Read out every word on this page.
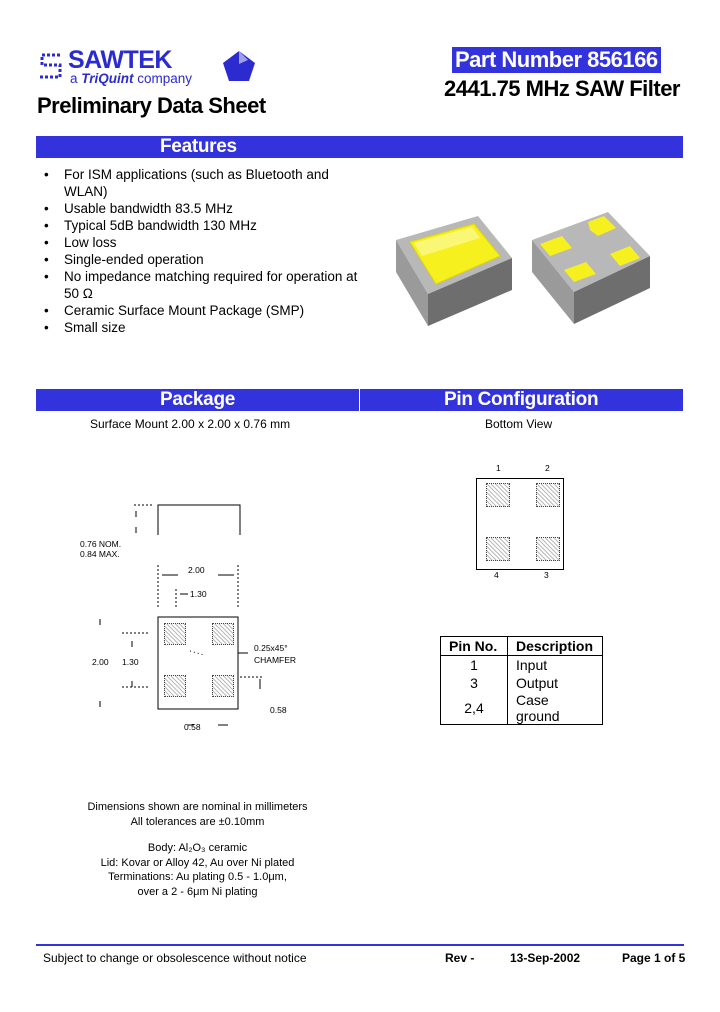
SAWTEK
a TriQuint company
Part Number 856166
2441.75 MHz SAW Filter
Preliminary Data Sheet
Features
• For ISM applications (such as Bluetooth and WLAN)
• Usable bandwidth 83.5 MHz
• Typical 5dB bandwidth 130 MHz
• Low loss
• Single-ended operation
• No impedance matching required for operation at 50 Ω
• Ceramic Surface Mount Package (SMP)
• Small size
Package	Pin Configuration
Surface Mount 2.00 x 2.00 x 0.76 mm	Bottom View
0.76 NOM.
0.84 MAX.
2.00
1.30
2.00 1.30
0.25x45°
CHAMFER
0.58
0.58
Dimensions shown are nominal in millimeters
All tolerances are ±0.10mm
Body: Al₂O₃ ceramic
Lid: Kovar or Alloy 42, Au over Ni plated
Terminations: Au plating 0.5 - 1.0μm,
over a 2 - 6μm Ni plating
1	2
4	3
Pin No.	Description
1	Input
3	Output
2,4	Case ground
Subject to change or obsolescence without notice	Rev -	13-Sep-2002	Page 1 of 5
